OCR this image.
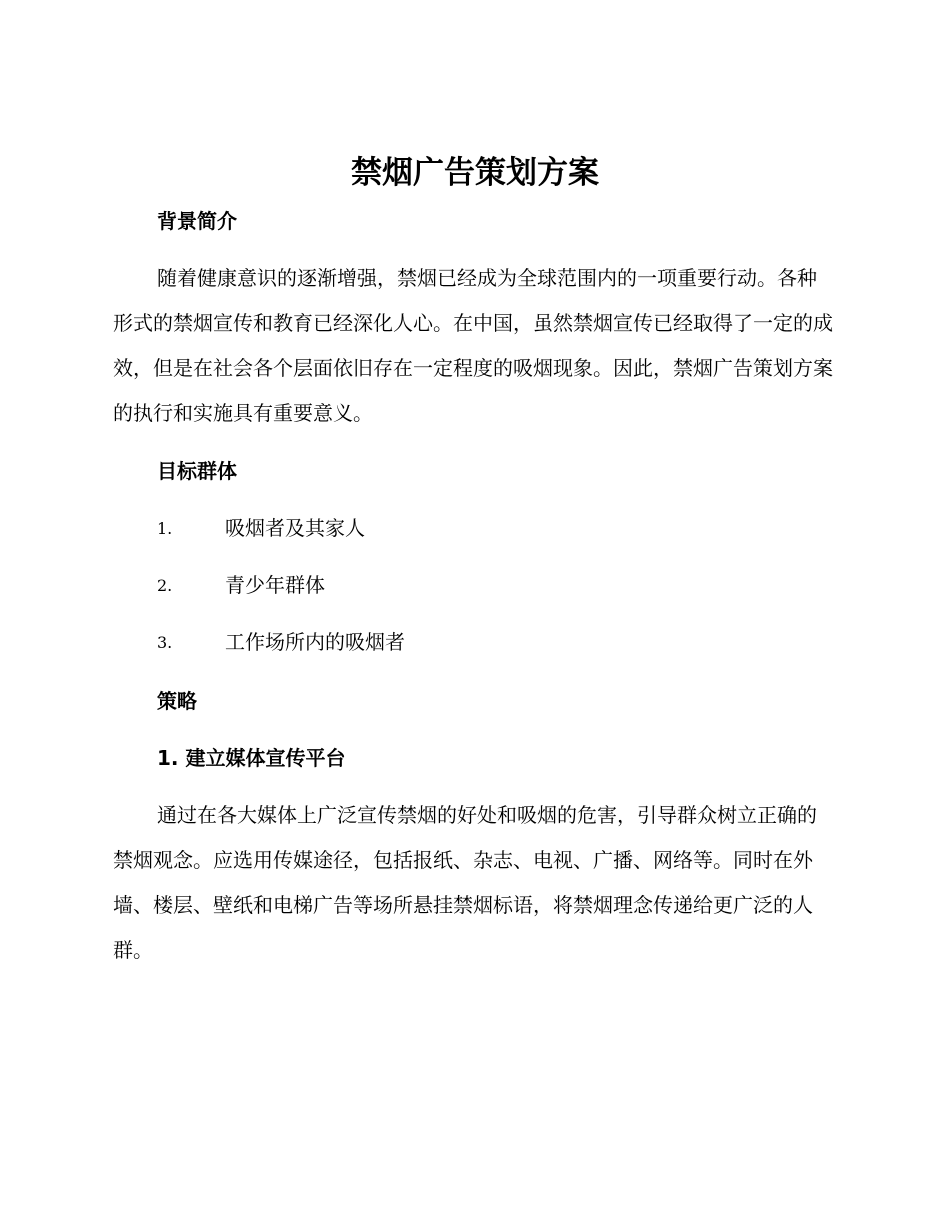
禁烟广告策划方案
背景简介

随着健康意识的逐渐增强，禁烟已经成为全球范围内的一项重要行动。各种形式的禁烟宣传和教育已经深化人心。在中国，虽然禁烟宣传已经取得了一定的成效，但是在社会各个层面依旧存在一定程度的吸烟现象。因此，禁烟广告策划方案的执行和实施具有重要意义。

目标群体
1.	吸烟者及其家人
2.	青少年群体
3.	工作场所内的吸烟者
策略
1. 建立媒体宣传平台

通过在各大媒体上广泛宣传禁烟的好处和吸烟的危害，引导群众树立正确的禁烟观念。应选用传媒途径，包括报纸、杂志、电视、广播、网络等。同时在外墙、楼层、壁纸和电梯广告等场所悬挂禁烟标语，将禁烟理念传递给更广泛的人群。
